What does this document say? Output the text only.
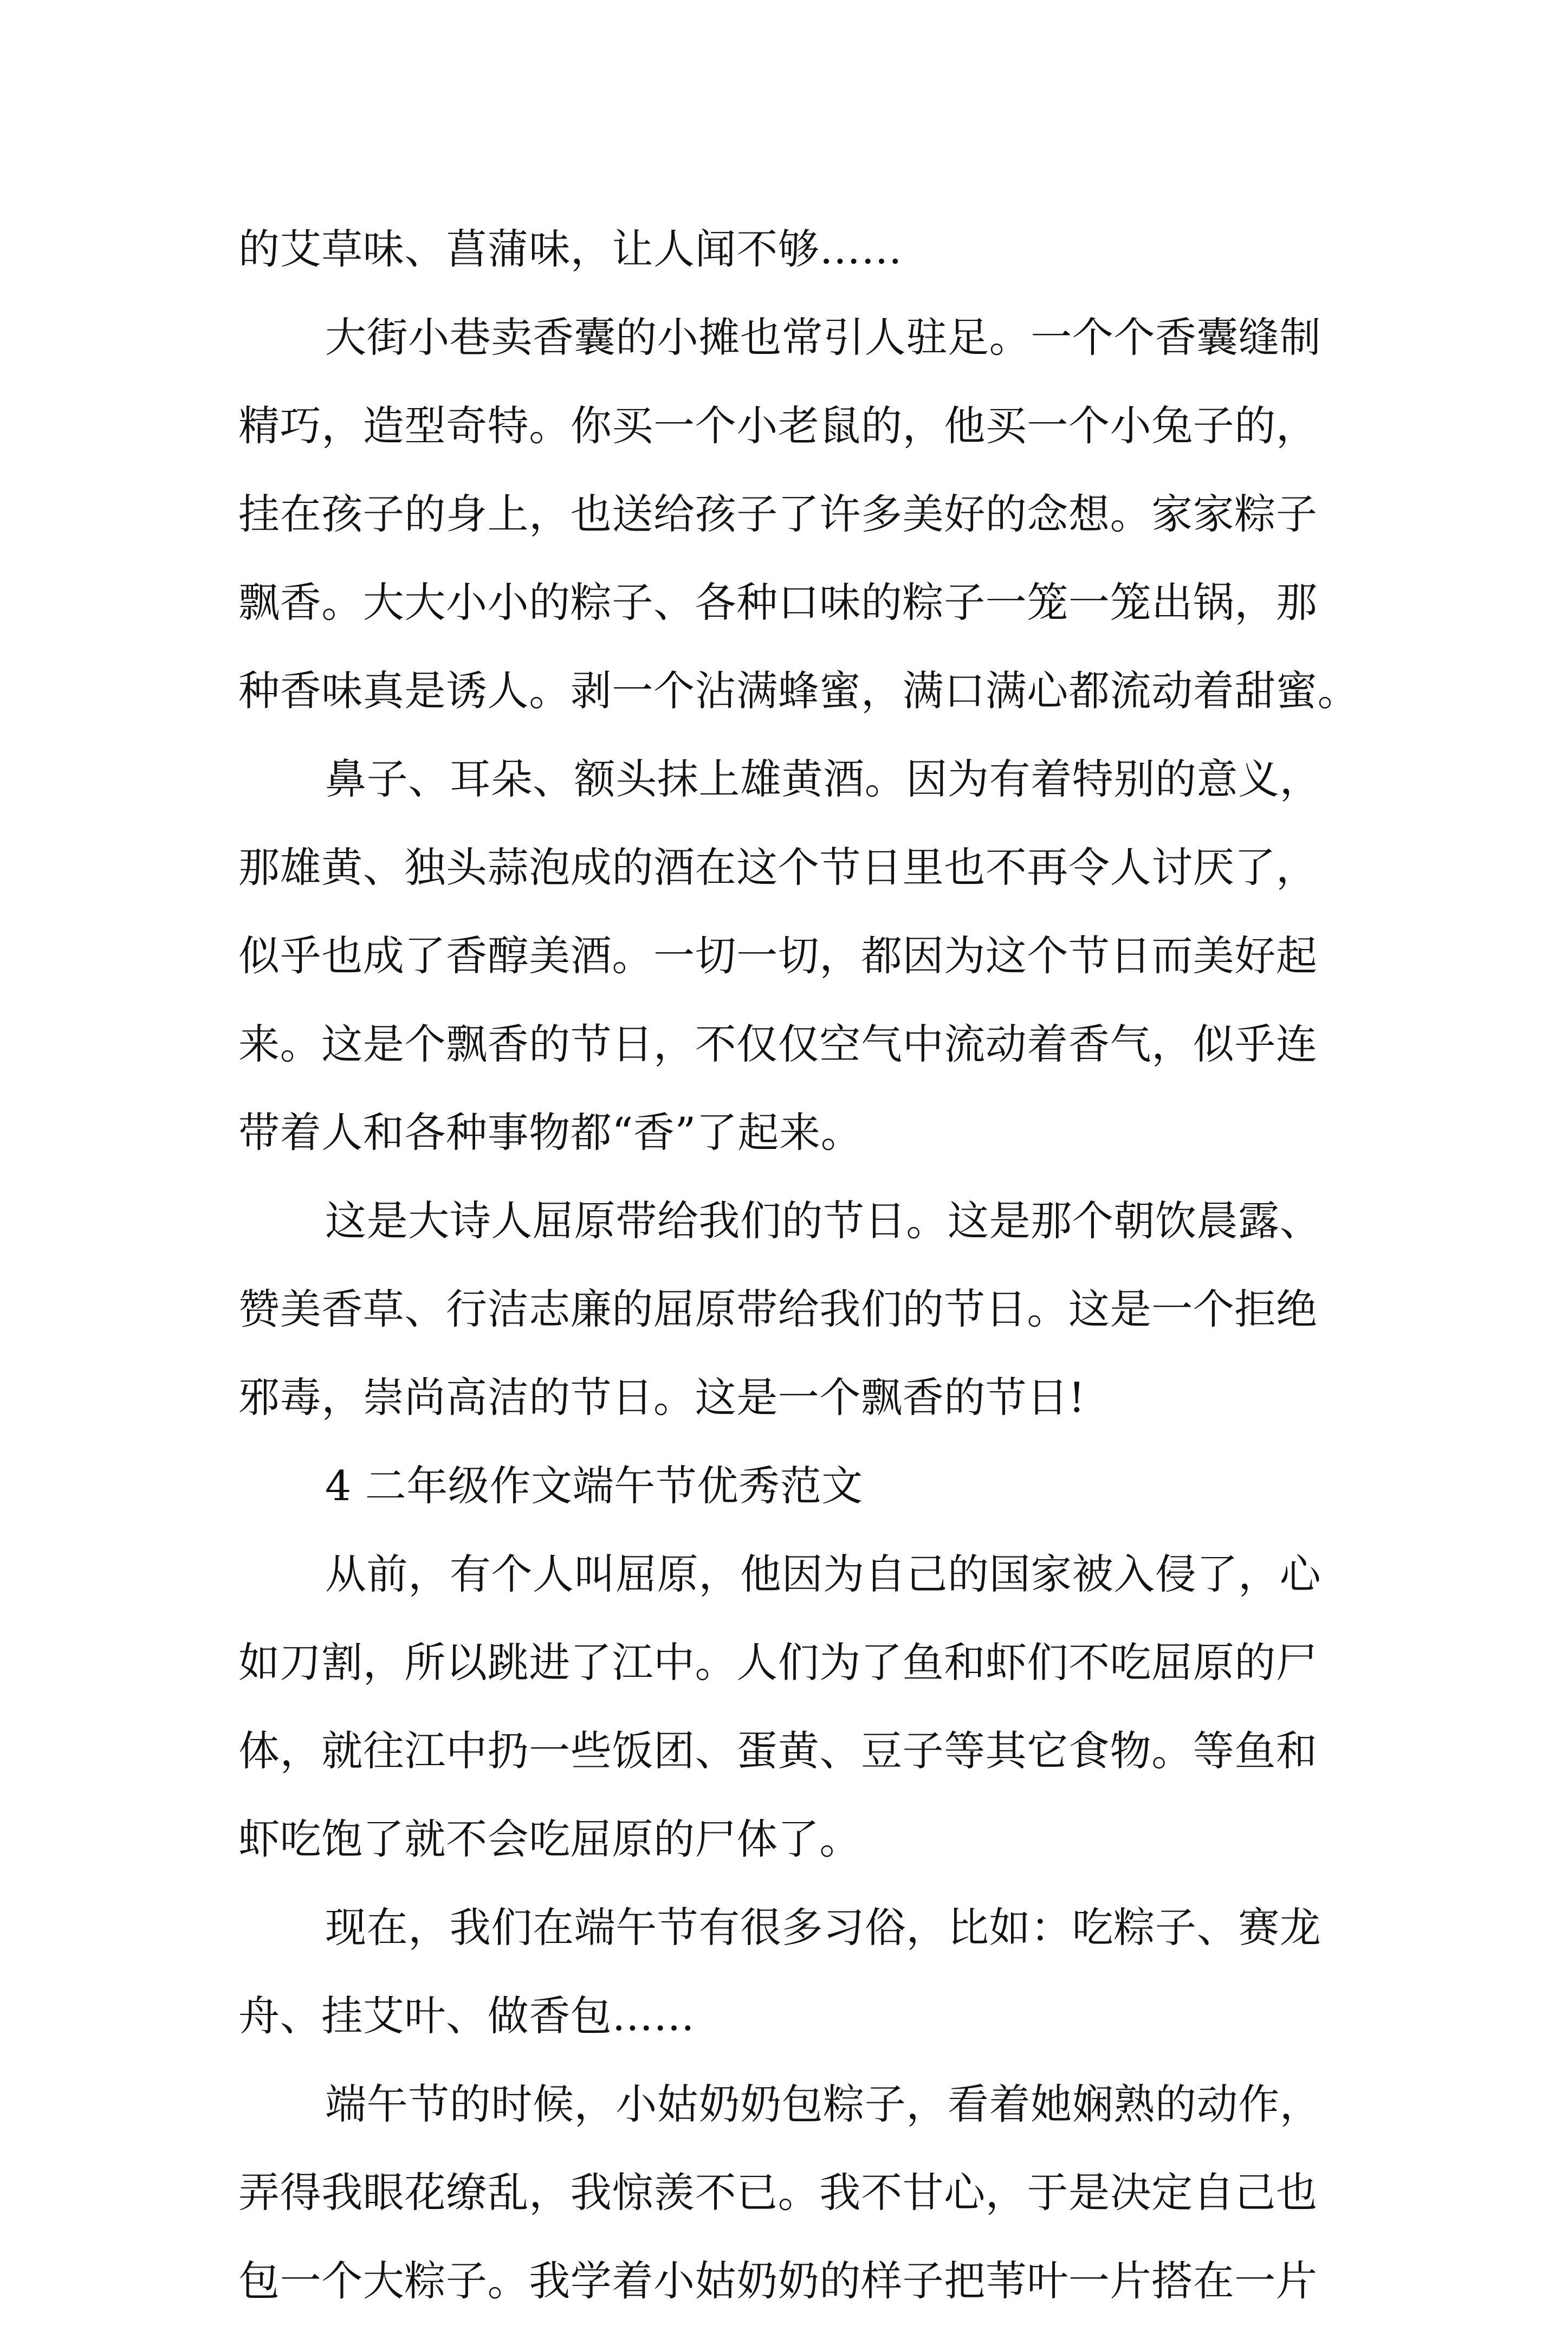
的艾草味、菖蒲味，让人闻不够……
大街小巷卖香囊的小摊也常引人驻足。一个个香囊缝制
精巧，造型奇特。你买一个小老鼠的，他买一个小兔子的，
挂在孩子的身上，也送给孩子了许多美好的念想。家家粽子
飘香。大大小小的粽子、各种口味的粽子一笼一笼出锅，那
种香味真是诱人。剥一个沾满蜂蜜，满口满心都流动着甜蜜。
鼻子、耳朵、额头抹上雄黄酒。因为有着特别的意义，
那雄黄、独头蒜泡成的酒在这个节日里也不再令人讨厌了，
似乎也成了香醇美酒。一切一切，都因为这个节日而美好起
来。这是个飘香的节日，不仅仅空气中流动着香气，似乎连
带着人和各种事物都“香”了起来。
这是大诗人屈原带给我们的节日。这是那个朝饮晨露、
赞美香草、行洁志廉的屈原带给我们的节日。这是一个拒绝
邪毒，崇尚高洁的节日。这是一个飘香的节日!
4 二年级作文端午节优秀范文
从前，有个人叫屈原，他因为自己的国家被入侵了，心
如刀割，所以跳进了江中。人们为了鱼和虾们不吃屈原的尸
体，就往江中扔一些饭团、蛋黄、豆子等其它食物。等鱼和
虾吃饱了就不会吃屈原的尸体了。
现在，我们在端午节有很多习俗，比如：吃粽子、赛龙
舟、挂艾叶、做香包……
端午节的时候，小姑奶奶包粽子，看着她娴熟的动作，
弄得我眼花缭乱，我惊羡不已。我不甘心，于是决定自己也
包一个大粽子。我学着小姑奶奶的样子把苇叶一片搭在一片
